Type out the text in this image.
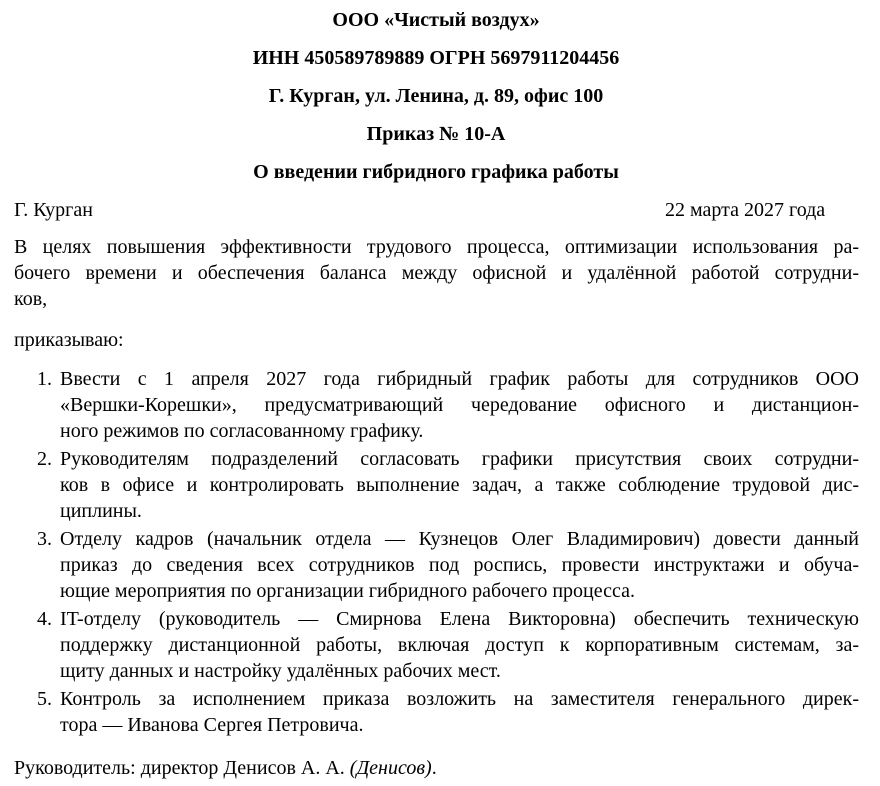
ООО «Чистый воздух»
ИНН 450589789889 ОГРН 5697911204456
Г. Курган, ул. Ленина, д. 89, офис 100
Приказ № 10-А
О введении гибридного графика работы
Г. Курган	22 марта 2027 года
В целях повышения эффективности трудового процесса, оптимизации использования ра-
бочего времени и обеспечения баланса между офисной и удалённой работой сотрудни-
ков,
приказываю:
1. Ввести с 1 апреля 2027 года гибридный график работы для сотрудников ООО
«Вершки-Корешки», предусматривающий чередование офисного и дистанцион-
ного режимов по согласованному графику.
2. Руководителям подразделений согласовать графики присутствия своих сотрудни-
ков в офисе и контролировать выполнение задач, а также соблюдение трудовой дис-
циплины.
3. Отделу кадров (начальник отдела — Кузнецов Олег Владимирович) довести данный
приказ до сведения всех сотрудников под роспись, провести инструктажи и обуча-
ющие мероприятия по организации гибридного рабочего процесса.
4. IT-отделу (руководитель — Смирнова Елена Викторовна) обеспечить техническую
поддержку дистанционной работы, включая доступ к корпоративным системам, за-
щиту данных и настройку удалённых рабочих мест.
5. Контроль за исполнением приказа возложить на заместителя генерального дирек-
тора — Иванова Сергея Петровича.
Руководитель: директор Денисов А. А. (Денисов).
